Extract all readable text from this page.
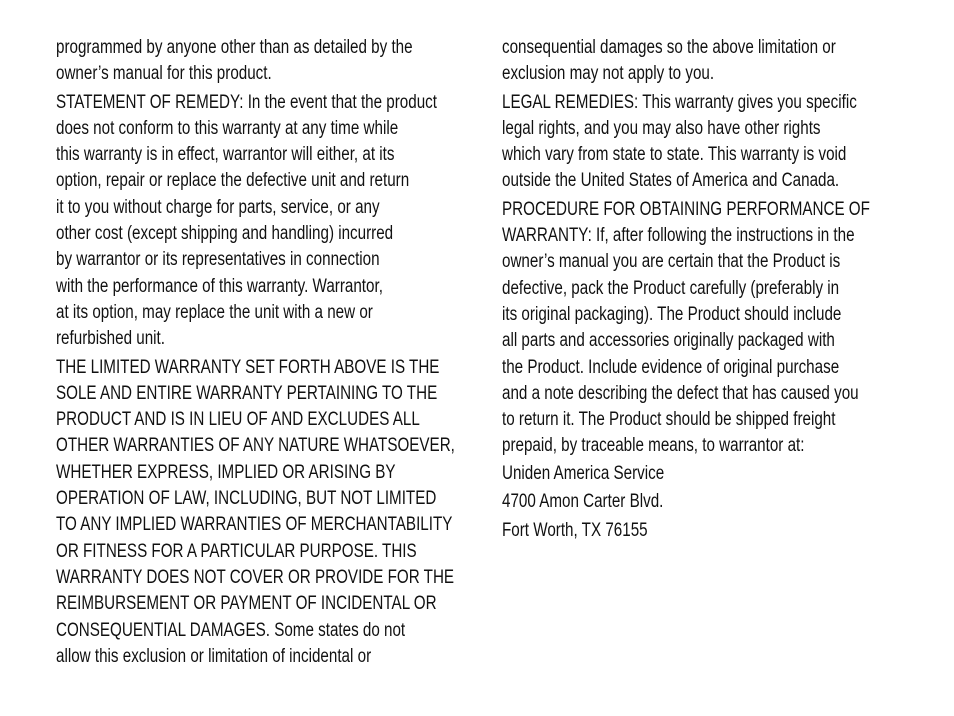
programmed by anyone other than as detailed by the
owner’s manual for this product.
STATEMENT OF REMEDY: In the event that the product
does not conform to this warranty at any time while
this warranty is in effect, warrantor will either, at its
option, repair or replace the defective unit and return
it to you without charge for parts, service, or any
other cost (except shipping and handling) incurred
by warrantor or its representatives in connection
with the performance of this warranty. Warrantor,
at its option, may replace the unit with a new or
refurbished unit.
THE LIMITED WARRANTY SET FORTH ABOVE IS THE
SOLE AND ENTIRE WARRANTY PERTAINING TO THE
PRODUCT AND IS IN LIEU OF AND EXCLUDES ALL
OTHER WARRANTIES OF ANY NATURE WHATSOEVER,
WHETHER EXPRESS, IMPLIED OR ARISING BY
OPERATION OF LAW, INCLUDING, BUT NOT LIMITED
TO ANY IMPLIED WARRANTIES OF MERCHANTABILITY
OR FITNESS FOR A PARTICULAR PURPOSE. THIS
WARRANTY DOES NOT COVER OR PROVIDE FOR THE
REIMBURSEMENT OR PAYMENT OF INCIDENTAL OR
CONSEQUENTIAL DAMAGES. Some states do not
allow this exclusion or limitation of incidental or
consequential damages so the above limitation or
exclusion may not apply to you.
LEGAL REMEDIES: This warranty gives you specific
legal rights, and you may also have other rights
which vary from state to state. This warranty is void
outside the United States of America and Canada.
PROCEDURE FOR OBTAINING PERFORMANCE OF
WARRANTY: If, after following the instructions in the
owner’s manual you are certain that the Product is
defective, pack the Product carefully (preferably in
its original packaging). The Product should include
all parts and accessories originally packaged with
the Product. Include evidence of original purchase
and a note describing the defect that has caused you
to return it. The Product should be shipped freight
prepaid, by traceable means, to warrantor at:
Uniden America Service
4700 Amon Carter Blvd.
Fort Worth, TX 76155
